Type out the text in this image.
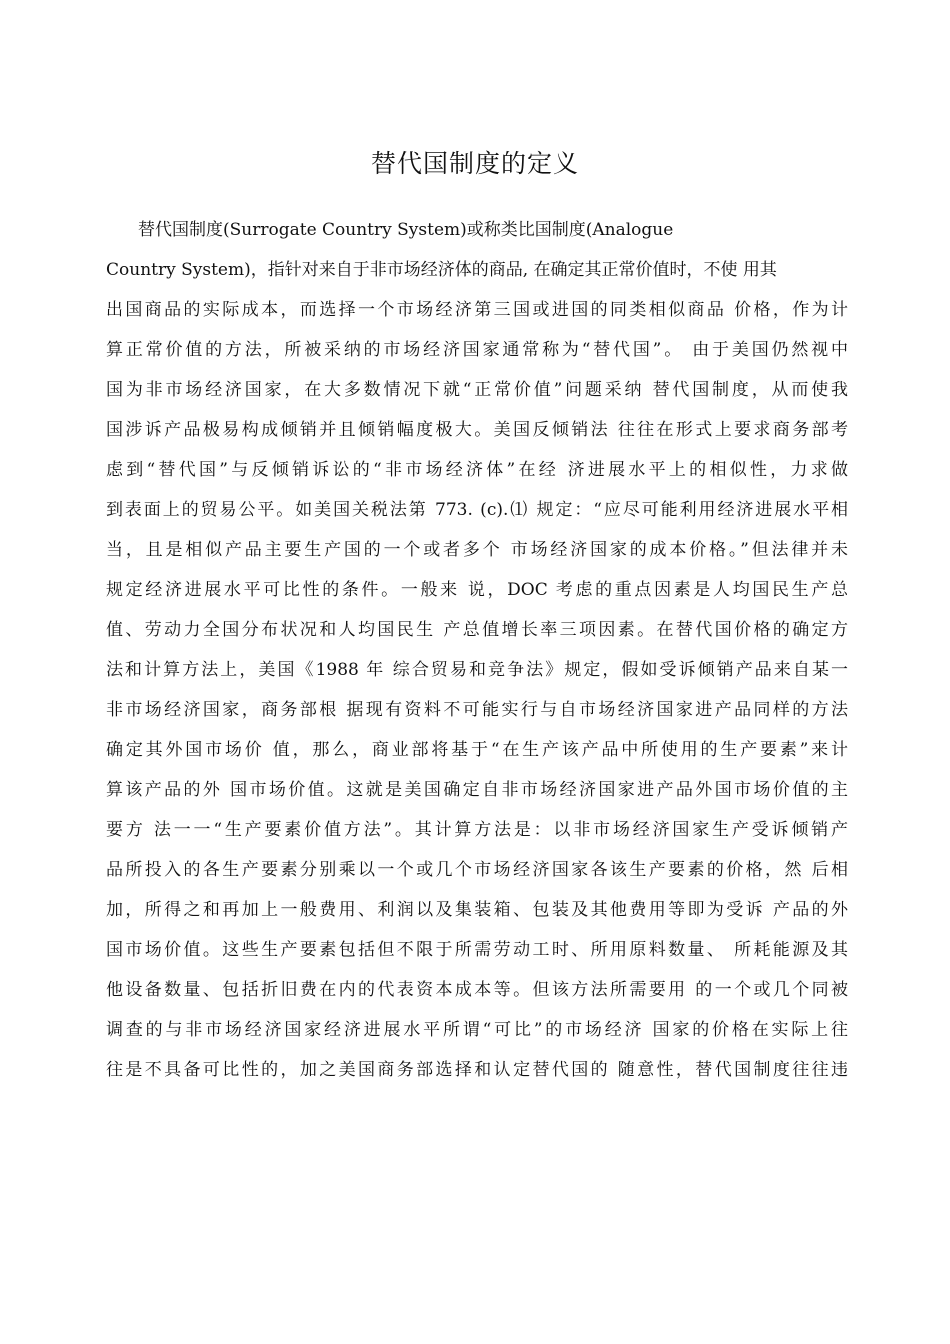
替代国制度的定义
替代国制度(Surrogate Country System)或称类比国制度(Analogue
Country System)，指针对来自于非市场经济体的商品, 在确定其正常价值时，不使 用其
出国商品的实际成本，而选择一个市场经济第三国或进国的同类相似商品 价格，作为计
算正常价值的方法，所被采纳的市场经济国家通常称为“替代国”。 由于美国仍然视中
国为非市场经济国家，在大多数情况下就“正常价值”问题采纳 替代国制度，从而使我
国涉诉产品极易构成倾销并且倾销幅度极大。美国反倾销法 往往在形式上要求商务部考
虑到“替代国”与反倾销诉讼的“非市场经济体”在经 济进展水平上的相似性，力求做
到表面上的贸易公平。如美国关税法第 773. (c).⑴ 规定：“应尽可能利用经济进展水平相
当，且是相似产品主要生产国的一个或者多个 市场经济国家的成本价格。”但法律并未
规定经济进展水平可比性的条件。一般来 说，DOC 考虑的重点因素是人均国民生产总
值、劳动力全国分布状况和人均国民生 产总值增长率三项因素。在替代国价格的确定方
法和计算方法上，美国《1988 年 综合贸易和竞争法》规定，假如受诉倾销产品来自某一
非市场经济国家，商务部根 据现有资料不可能实行与自市场经济国家进产品同样的方法
确定其外国市场价 值，那么，商业部将基于“在生产该产品中所使用的生产要素”来计
算该产品的外 国市场价值。这就是美国确定自非市场经济国家进产品外国市场价值的主
要方 法一一“生产要素价值方法”。其计算方法是：以非市场经济国家生产受诉倾销产
品所投入的各生产要素分别乘以一个或几个市场经济国家各该生产要素的价格，然 后相
加，所得之和再加上一般费用、利润以及集装箱、包装及其他费用等即为受诉 产品的外
国市场价值。这些生产要素包括但不限于所需劳动工时、所用原料数量、 所耗能源及其
他设备数量、包括折旧费在内的代表资本成本等。但该方法所需要用 的一个或几个同被
调查的与非市场经济国家经济进展水平所谓“可比”的市场经济 国家的价格在实际上往
往是不具备可比性的，加之美国商务部选择和认定替代国的 随意性，替代国制度往往违
